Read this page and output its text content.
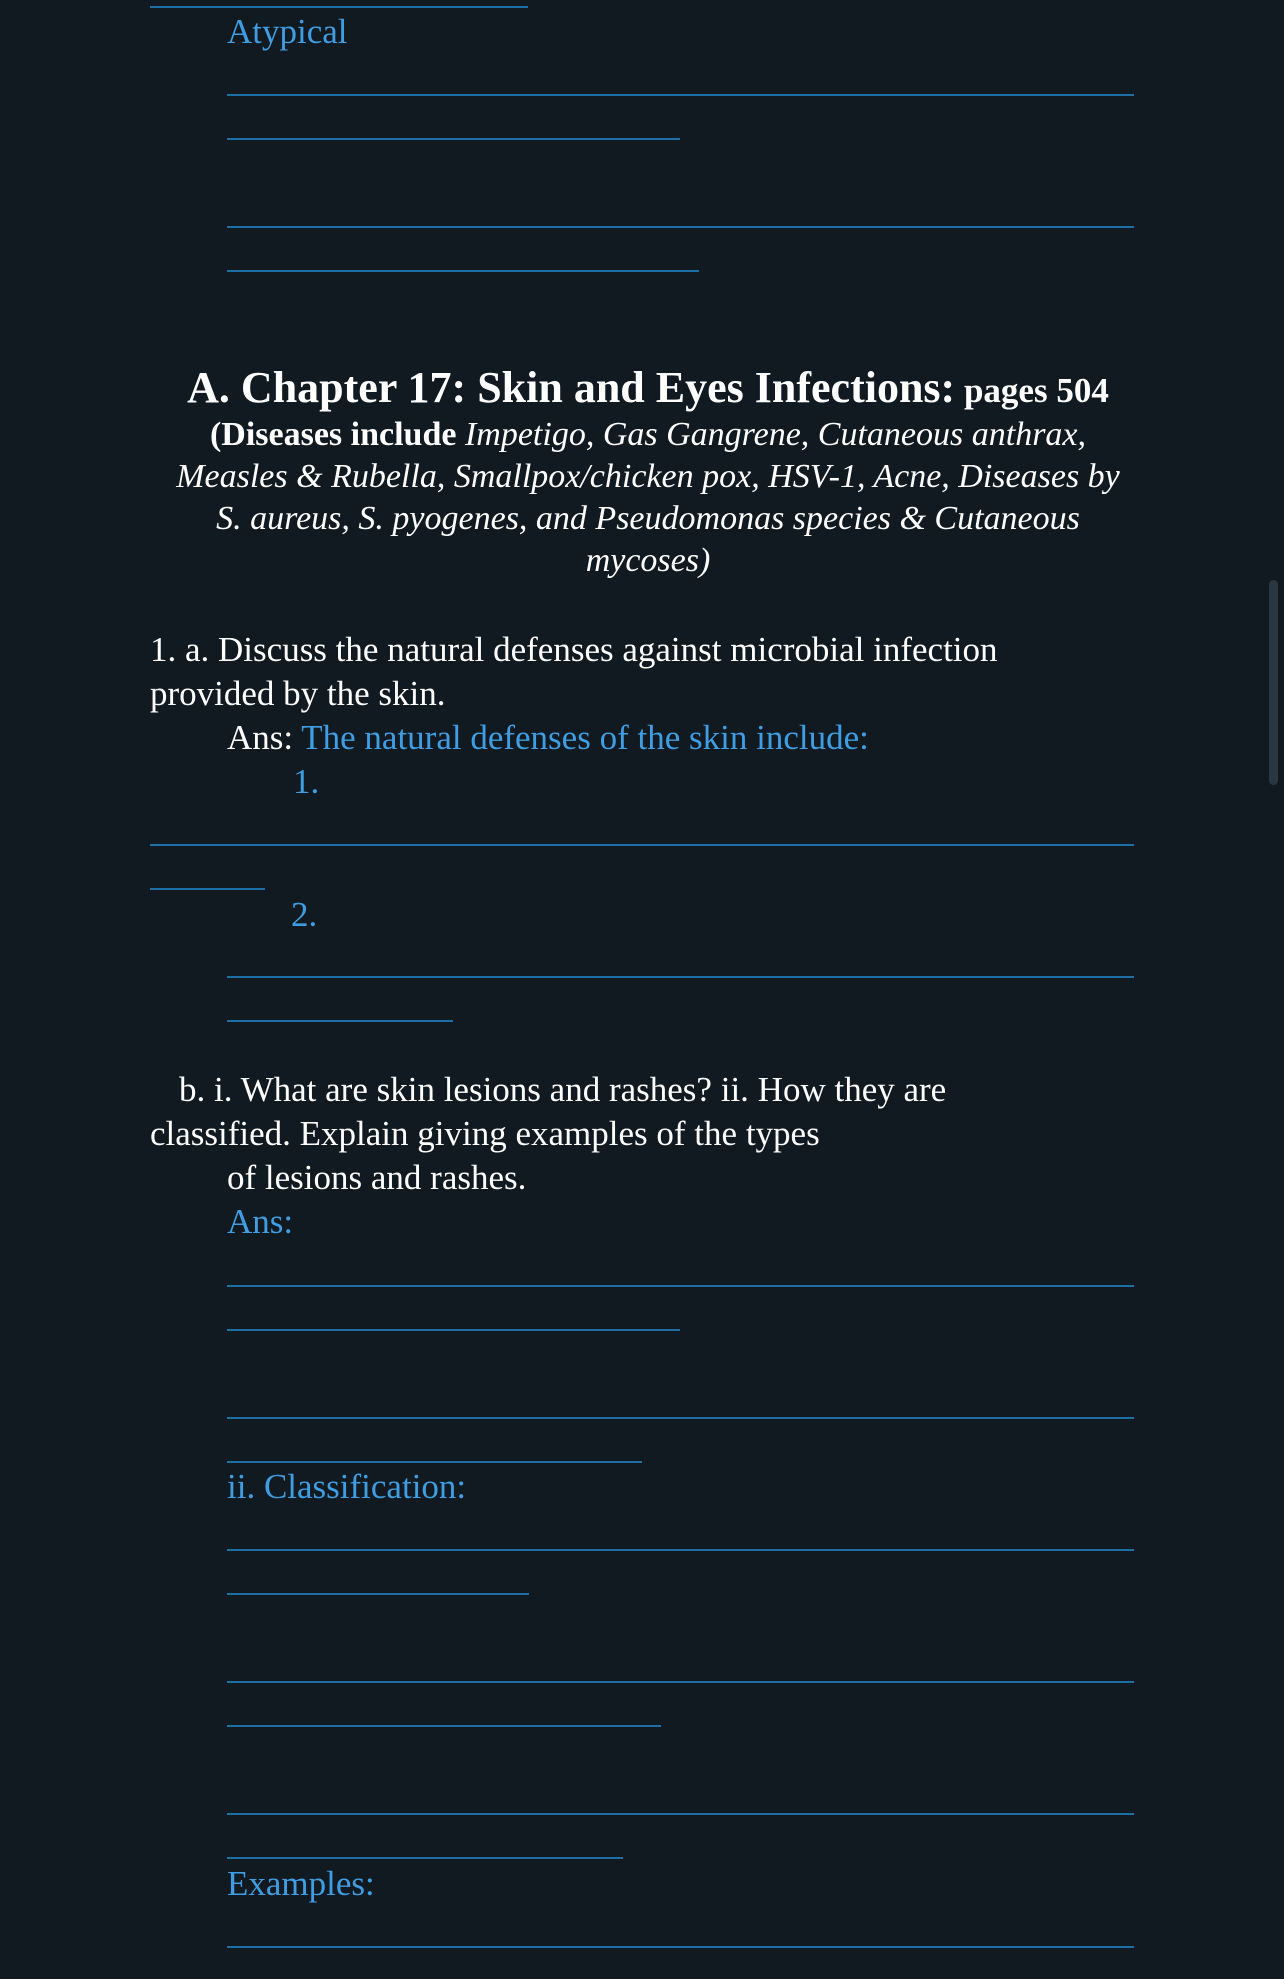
Atypical
A. Chapter 17: Skin and Eyes Infections: pages 504
(Diseases include Impetigo, Gas Gangrene, Cutaneous anthrax,
Measles & Rubella, Smallpox/chicken pox, HSV-1, Acne, Diseases by
S. aureus, S. pyogenes, and Pseudomonas species & Cutaneous
mycoses)
1. a. Discuss the natural defenses against microbial infection
provided by the skin.
Ans: The natural defenses of the skin include:
1.
2.
b. i. What are skin lesions and rashes? ii. How they are
classified. Explain giving examples of the types
of lesions and rashes.
Ans:
ii. Classification:
Examples:
